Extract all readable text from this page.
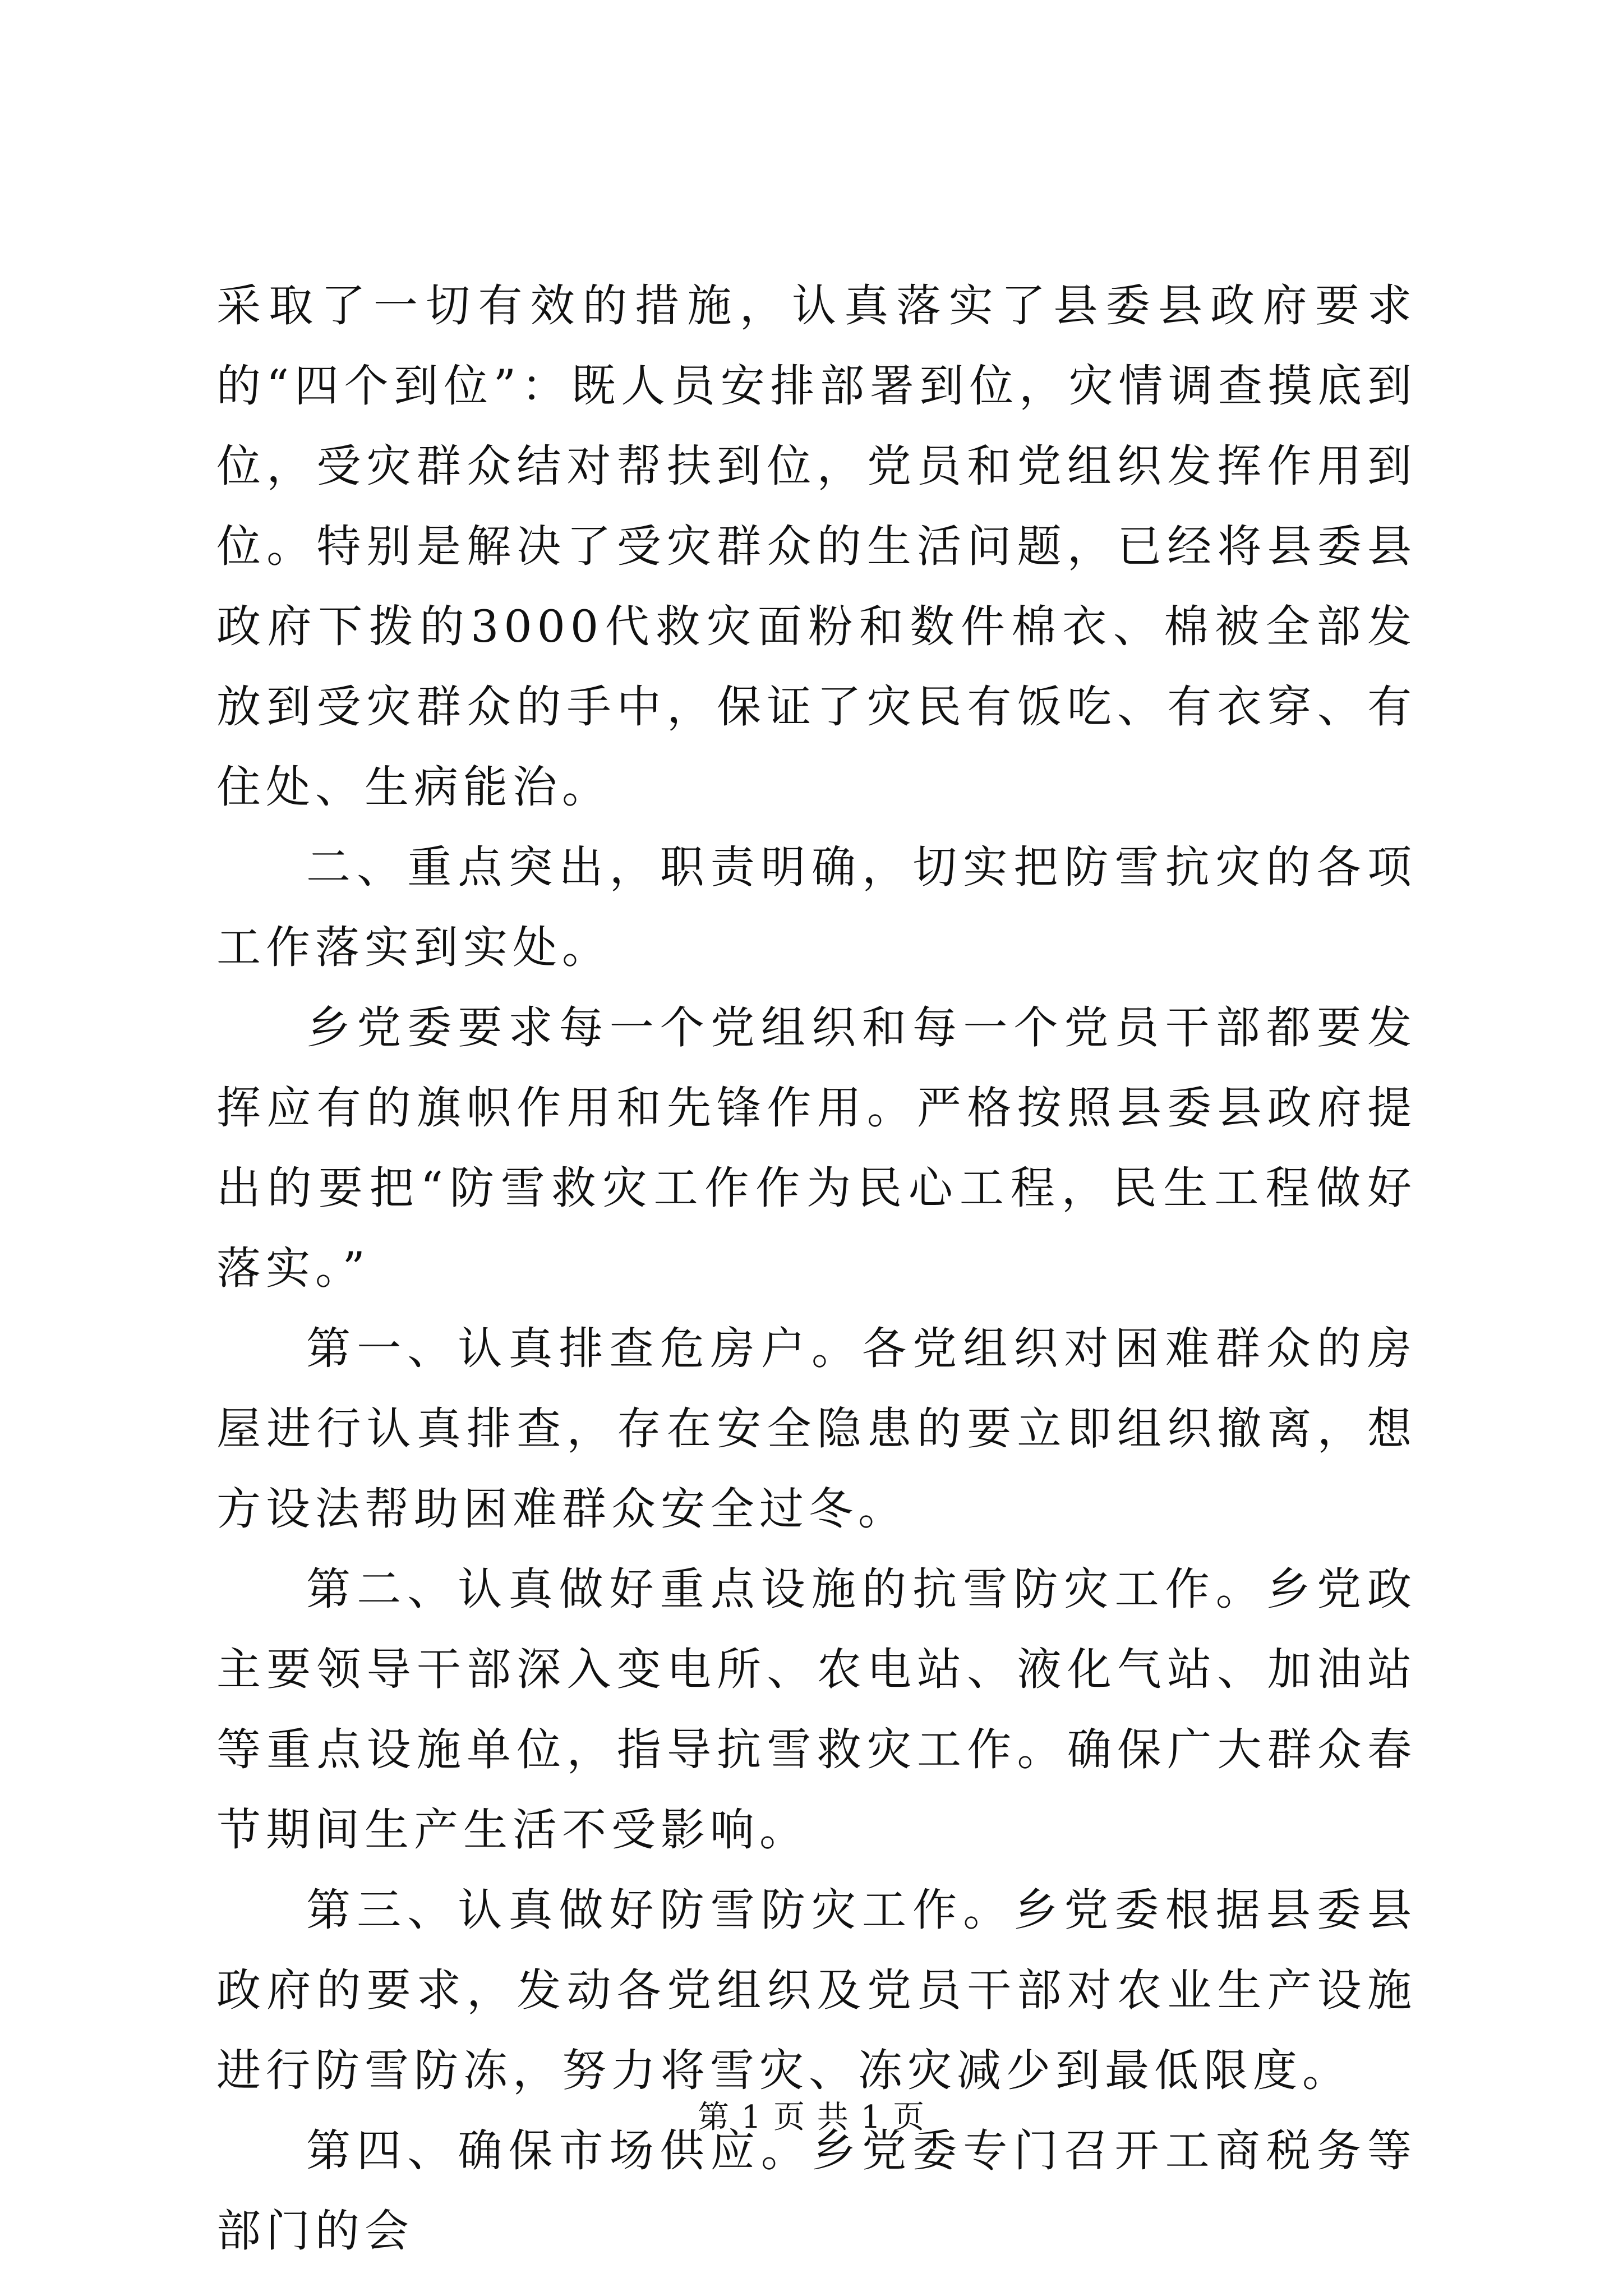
采取了一切有效的措施，认真落实了县委县政府要求的“四个到位”：既人员安排部署到位，灾情调查摸底到位，受灾群众结对帮扶到位，党员和党组织发挥作用到位。特别是解决了受灾群众的生活问题，已经将县委县政府下拨的3000代救灾面粉和数件棉衣、棉被全部发放到受灾群众的手中，保证了灾民有饭吃、有衣穿、有住处、生病能治。

二、重点突出，职责明确，切实把防雪抗灾的各项工作落实到实处。

乡党委要求每一个党组织和每一个党员干部都要发挥应有的旗帜作用和先锋作用。严格按照县委县政府提出的要把“防雪救灾工作作为民心工程，民生工程做好落实。”

第一、认真排查危房户。各党组织对困难群众的房屋进行认真排查，存在安全隐患的要立即组织撤离，想方设法帮助困难群众安全过冬。

第二、认真做好重点设施的抗雪防灾工作。乡党政主要领导干部深入变电所、农电站、液化气站、加油站等重点设施单位，指导抗雪救灾工作。确保广大群众春节期间生产生活不受影响。

第三、认真做好防雪防灾工作。乡党委根据县委县政府的要求，发动各党组织及党员干部对农业生产设施进行防雪防冻，努力将雪灾、冻灾减少到最低限度。

第四、确保市场供应。乡党委专门召开工商税务等部门的会

第 1 页 共 1 页
